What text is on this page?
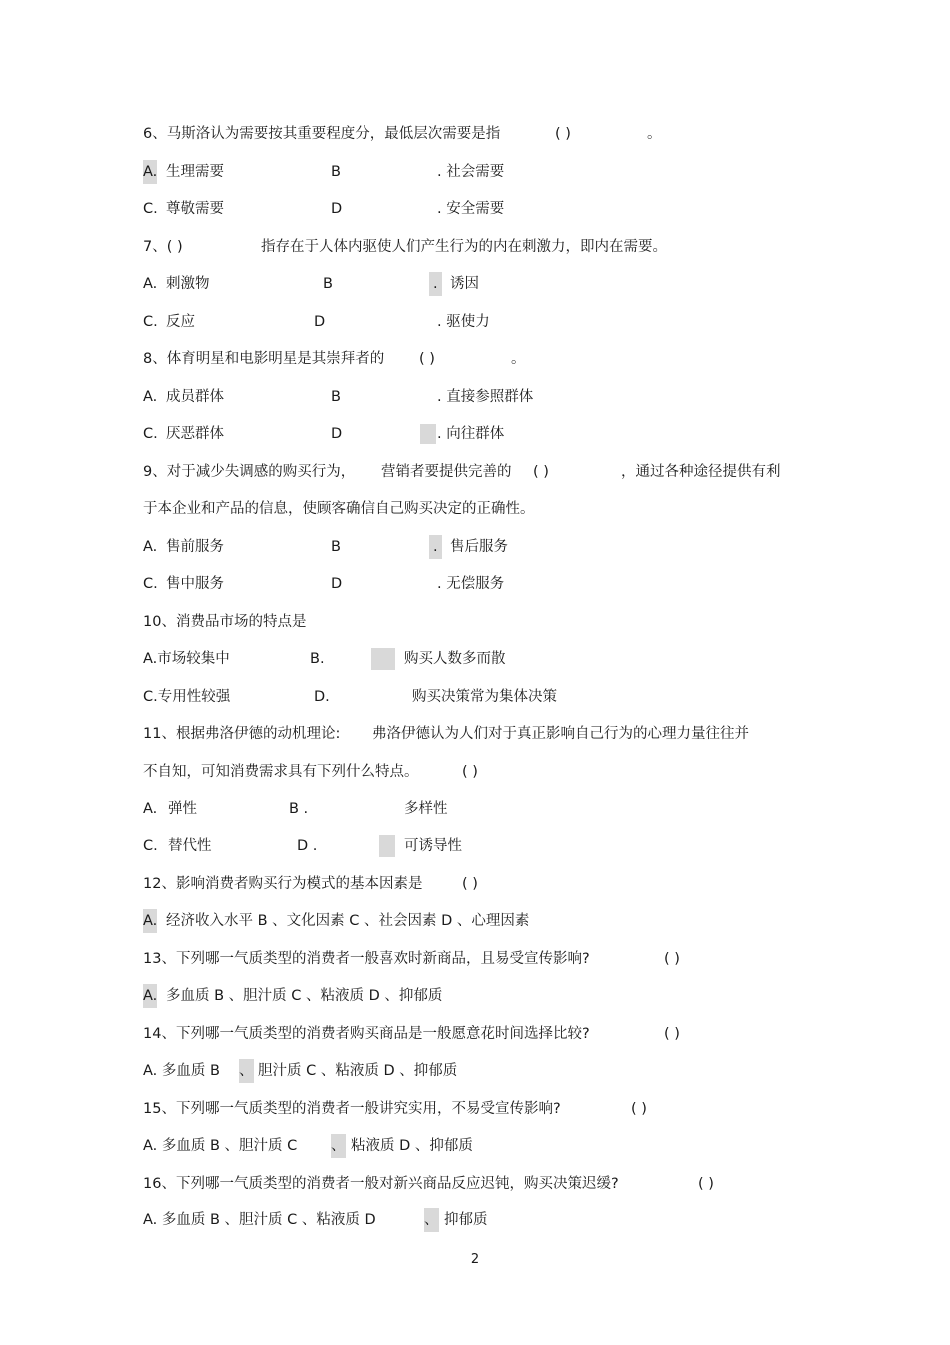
6、马斯洛认为需要按其重要程度分，最低层次需要是指	( )	。
A. 生理需要	B	. 社会需要
C. 尊敬需要	D	. 安全需要
7、( )	指存在于人体内驱使人们产生行为的内在刺激力，即内在需要。
A. 刺激物	B	. 诱因
C. 反应	D	. 驱使力
8、体育明星和电影明星是其崇拜者的 ( )	。
A. 成员群体	B	. 直接参照群体
C. 厌恶群体	D	. 向往群体
9、对于减少失调感的购买行为， 营销者要提供完善的 ( )	，通过各种途径提供有利
于本企业和产品的信息，使顾客确信自己购买决定的正确性。
A. 售前服务	B	. 售后服务
C. 售中服务	D	. 无偿服务
10、消费品市场的特点是
A.市场较集中	B.	购买人数多而散
C.专用性较强	D.	购买决策常为集体决策
11、根据弗洛伊德的动机理论: 弗洛伊德认为人们对于真正影响自己行为的心理力量往往并
不自知，可知消费需求具有下列什么特点。	( )
A. 弹性	B .	多样性
C. 替代性	D .	可诱导性
12、影响消费者购买行为模式的基本因素是	( )
A. 经济收入水平 B 、文化因素 C 、社会因素 D 、心理因素
13、下列哪一气质类型的消费者一般喜欢时新商品，且易受宣传影响?	( )
A. 多血质 B 、胆汁质 C 、粘液质 D 、抑郁质
14、下列哪一气质类型的消费者购买商品是一般愿意花时间选择比较?	( )
A. 多血质 B 、 胆汁质 C 、粘液质 D 、抑郁质
15、下列哪一气质类型的消费者一般讲究实用，不易受宣传影响?	( )
A. 多血质 B 、胆汁质 C 、 粘液质 D 、抑郁质
16、下列哪一气质类型的消费者一般对新兴商品反应迟钝，购买决策迟缓?	( )
A. 多血质 B 、胆汁质 C 、粘液质 D	、 抑郁质
2
